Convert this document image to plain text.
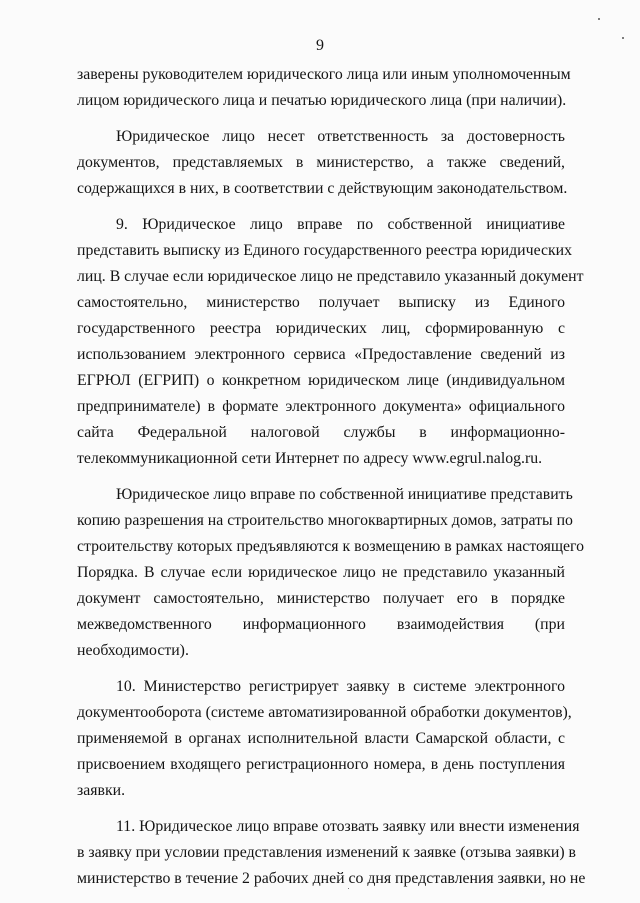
9

заверены руководителем юридического лица или иным уполномоченным
лицом юридического лица и печатью юридического лица (при наличии).

Юридическое лицо несет ответственность за достоверность
документов, представляемых в министерство, а также сведений,
содержащихся в них, в соответствии с действующим законодательством.

9. Юридическое лицо вправе по собственной инициативе
представить выписку из Единого государственного реестра юридических
лиц. В случае если юридическое лицо не представило указанный документ
самостоятельно, министерство получает выписку из Единого
государственного реестра юридических лиц, сформированную с
использованием электронного сервиса «Предоставление сведений из
ЕГРЮЛ (ЕГРИП) о конкретном юридическом лице (индивидуальном
предпринимателе) в формате электронного документа» официального
сайта Федеральной налоговой службы в информационно-
телекоммуникационной сети Интернет по адресу www.egrul.nalog.ru.

Юридическое лицо вправе по собственной инициативе представить
копию разрешения на строительство многоквартирных домов, затраты по
строительству которых предъявляются к возмещению в рамках настоящего
Порядка. В случае если юридическое лицо не представило указанный
документ самостоятельно, министерство получает его в порядке
межведомственного информационного взаимодействия (при
необходимости).

10. Министерство регистрирует заявку в системе электронного
документооборота (системе автоматизированной обработки документов),
применяемой в органах исполнительной власти Самарской области, с
присвоением входящего регистрационного номера, в день поступления
заявки.

11. Юридическое лицо вправе отозвать заявку или внести изменения
в заявку при условии представления изменений к заявке (отзыва заявки) в
министерство в течение 2 рабочих дней со дня представления заявки, но не
